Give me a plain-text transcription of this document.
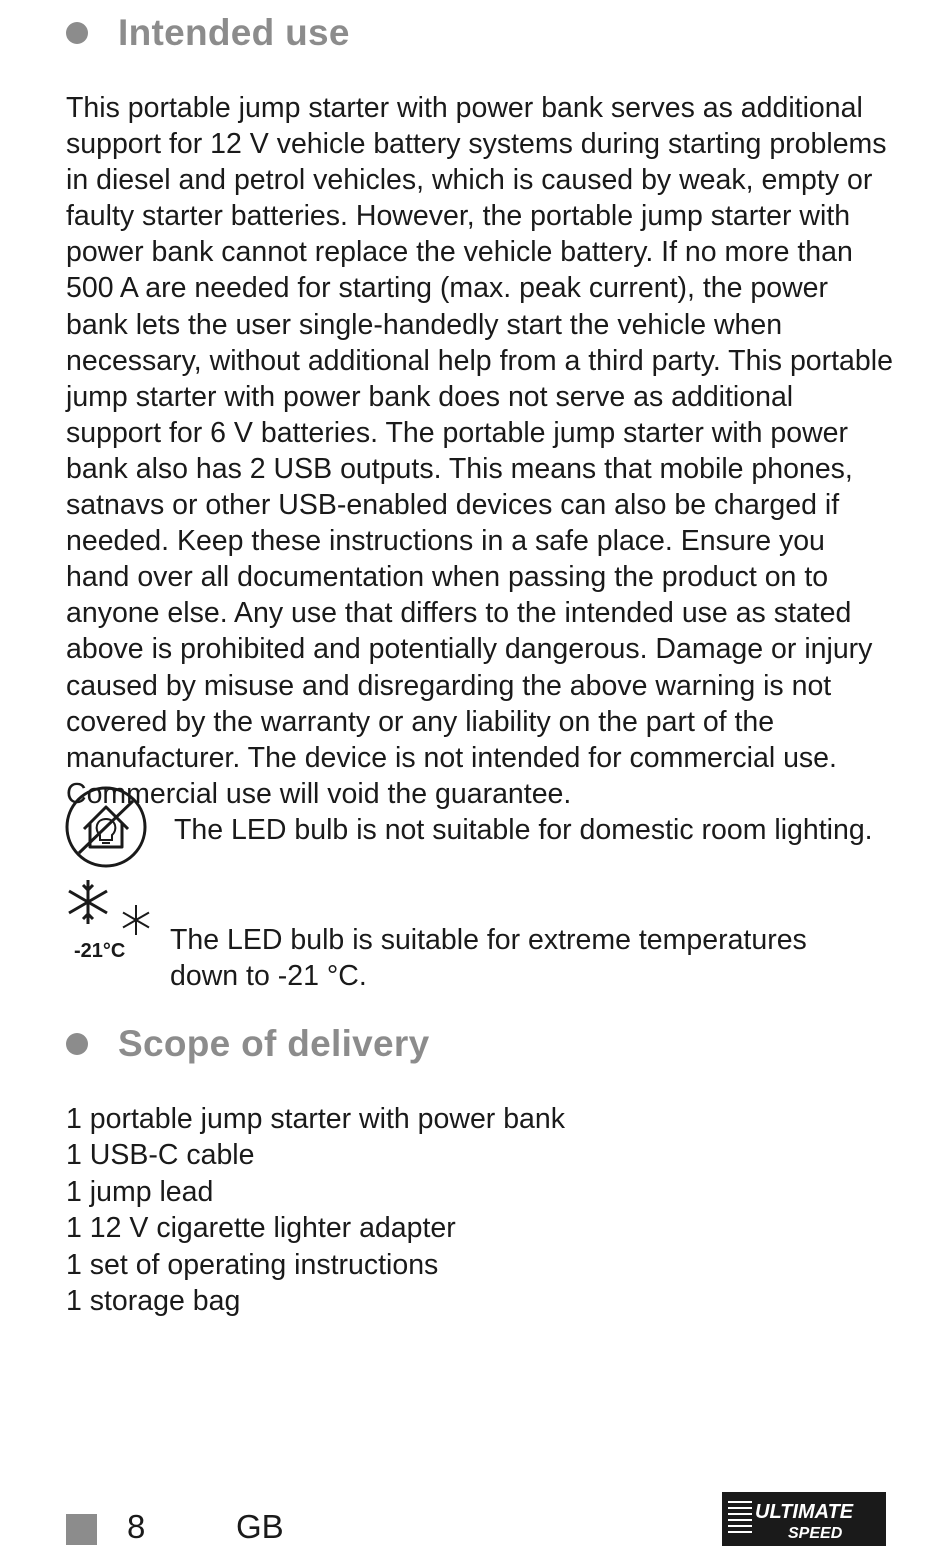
Intended use

This portable jump starter with power bank serves as additional support for 12 V vehicle battery systems during starting problems in diesel and petrol vehicles, which is caused by weak, empty or faulty starter batteries. However, the portable jump starter with power bank cannot replace the vehicle battery. If no more than 500 A are needed for starting (max. peak current), the power bank lets the user single-handedly start the vehicle when necessary, without additional help from a third party. This portable jump starter with power bank does not serve as additional support for 6 V batteries. The portable jump starter with power bank also has 2 USB outputs. This means that mobile phones, satnavs or other USB-enabled devices can also be charged if needed. Keep these instructions in a safe place. Ensure you hand over all documentation when passing the product on to anyone else. Any use that differs to the intended use as stated above is prohibited and potentially dangerous. Damage or injury caused by misuse and disregarding the above warning is not covered by the warranty or any liability on the part of the manufacturer. The device is not intended for commercial use. Commercial use will void the guarantee.

The LED bulb is not suitable for domestic room lighting.

-21°C The LED bulb is suitable for extreme temperatures down to -21 °C.

Scope of delivery
1 portable jump starter with power bank
1 USB-C cable
1 jump lead
1 12 V cigarette lighter adapter
1 set of operating instructions
1 storage bag
8	GB	ULTIMATE
SPEED
